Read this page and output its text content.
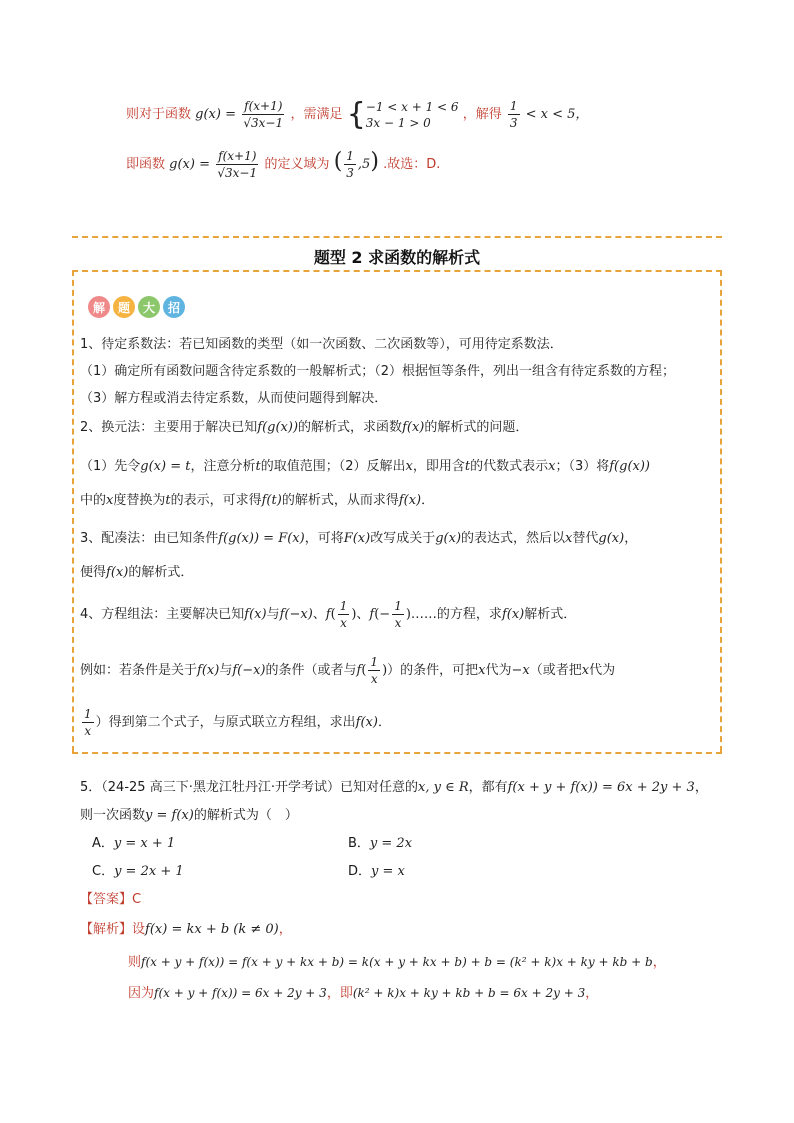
则对于函数 $g(x) = \frac{f(x+1)}{√3x-1}$ ，需满足 { −1 < x + 1 < 6
3x − 1 > 0
，解得 $\frac{1}{3} < x < 5$，
即函数 $g(x) = \frac{f(x+1)}{√3x-1}$ 的定义域为 ( $\frac{1}{3} ,5$) .故选：D.
题型 2 求函数的解析式
解	题	大	招
1、待定系数法：若已知函数的类型（如一次函数、二次函数等），可用待定系数法．
（1）确定所有函数问题含待定系数的一般解析式；（2）根据恒等条件，列出一组含有待定系数的方程；
（3）解方程或消去待定系数，从而使问题得到解决．
2、换元法：主要用于解决已知f(g(x))的解析式，求函数f(x)的解析式的问题．
（1）先令g(x) = t，注意分析t的取值范围；（2）反解出x，即用含t的代数式表示x；（3）将f(g(x))
中的x度替换为t的表示，可求得f(t)的解析式，从而求得f(x)．
3、配凑法：由已知条件f(g(x)) = F(x)，可将F(x)改写成关于g(x)的表达式，然后以x替代g(x)，
便得f(x)的解析式．
4、方程组法：主要解决已知f(x)与f(−x)、$f( \frac{1}{x}$ )、$f(- \frac{1}{x}$ )……的方程，求f(x)解析式．
例如：若条件是关于f(x)与f(−x)的条件（或者与$f( \frac{1}{x}$ )）的条件，可把x代为−x（或者把x代为
$\frac{1}{x}$ ）得到第二个式子，与原式联立方程组，求出f(x)．
5．（24-25 高三下·黑龙江牡丹江·开学考试）已知对任意的x, y ∈ R，都有f(x + y + f(x)) = 6x + 2y + 3，
则一次函数y = f(x)的解析式为（　）
A．y = x + 1	B．y = 2x
C．y = 2x + 1	D．y = x
【答案】C
【解析】设f(x) = kx + b (k ≠ 0)，
则f(x + y + f(x)) = f(x + y + kx + b) = k(x + y + kx + b) + b = (k² + k)x + ky + kb + b，
因为f(x + y + f(x)) = 6x + 2y + 3，即(k² + k)x + ky + kb + b = 6x + 2y + 3，
